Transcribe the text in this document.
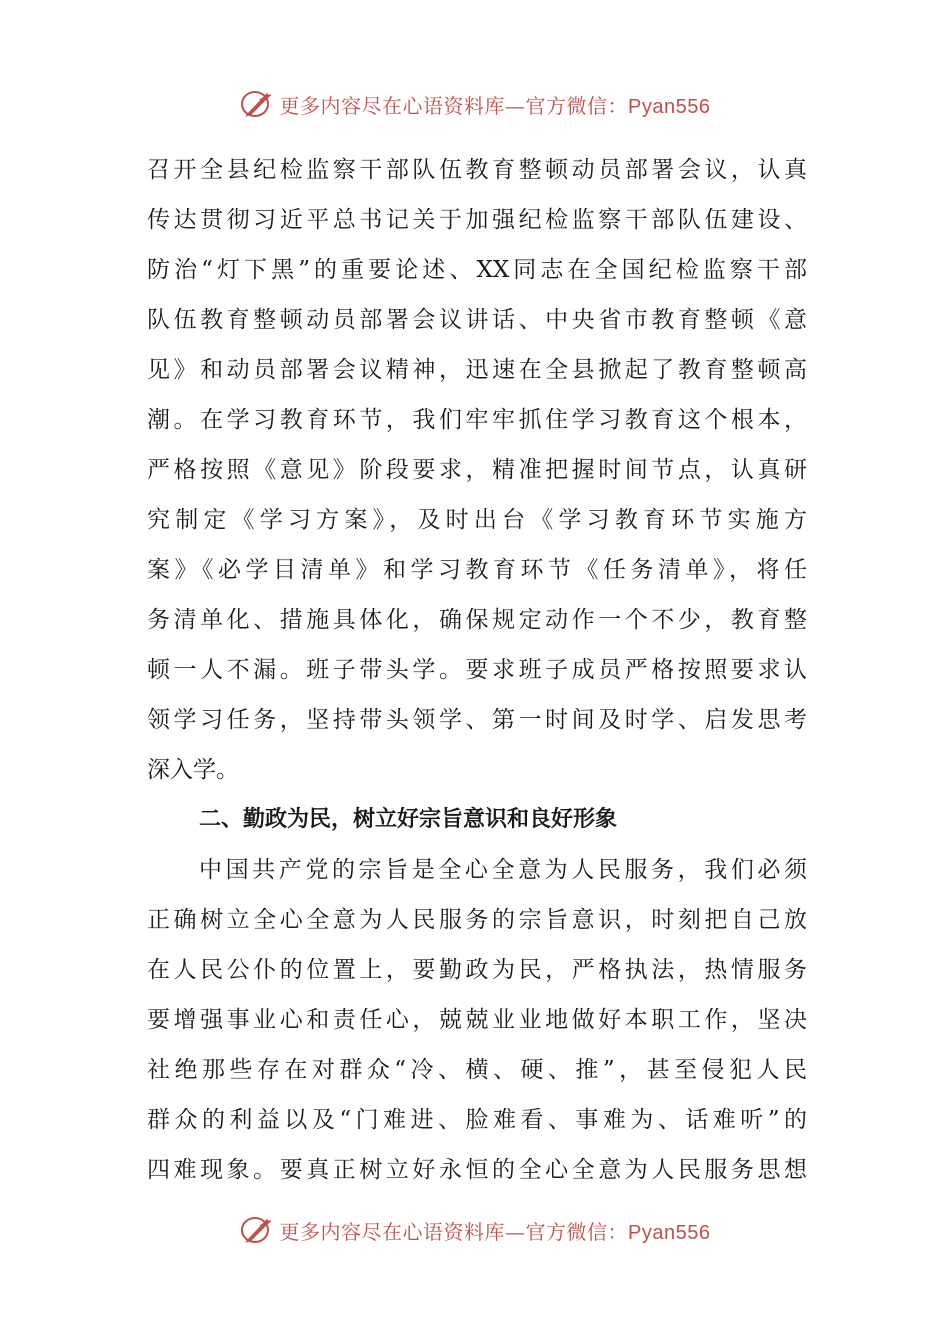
更多内容尽在心语资料库—官方微信：Pyan556
召开全县纪检监察干部队伍教育整顿动员部署会议，认真
传达贯彻习近平总书记关于加强纪检监察干部队伍建设、
防治“灯下黑”的重要论述、XX同志在全国纪检监察干部
队伍教育整顿动员部署会议讲话、中央省市教育整顿《意
见》和动员部署会议精神，迅速在全县掀起了教育整顿高
潮。在学习教育环节，我们牢牢抓住学习教育这个根本，
严格按照《意见》阶段要求，精准把握时间节点，认真研
究制定《学习方案》，及时出台《学习教育环节实施方
案》《必学目清单》和学习教育环节《任务清单》，将任
务清单化、措施具体化，确保规定动作一个不少，教育整
顿一人不漏。班子带头学。要求班子成员严格按照要求认
领学习任务，坚持带头领学、第一时间及时学、启发思考
深入学。
二、勤政为民，树立好宗旨意识和良好形象
中国共产党的宗旨是全心全意为人民服务，我们必须
正确树立全心全意为人民服务的宗旨意识，时刻把自己放
在人民公仆的位置上，要勤政为民，严格执法，热情服务
要增强事业心和责任心，兢兢业业地做好本职工作，坚决
社绝那些存在对群众“冷、横、硬、推”，甚至侵犯人民
群众的利益以及“门难进、脸难看、事难为、话难听”的
四难现象。要真正树立好永恒的全心全意为人民服务思想
更多内容尽在心语资料库—官方微信：Pyan556
